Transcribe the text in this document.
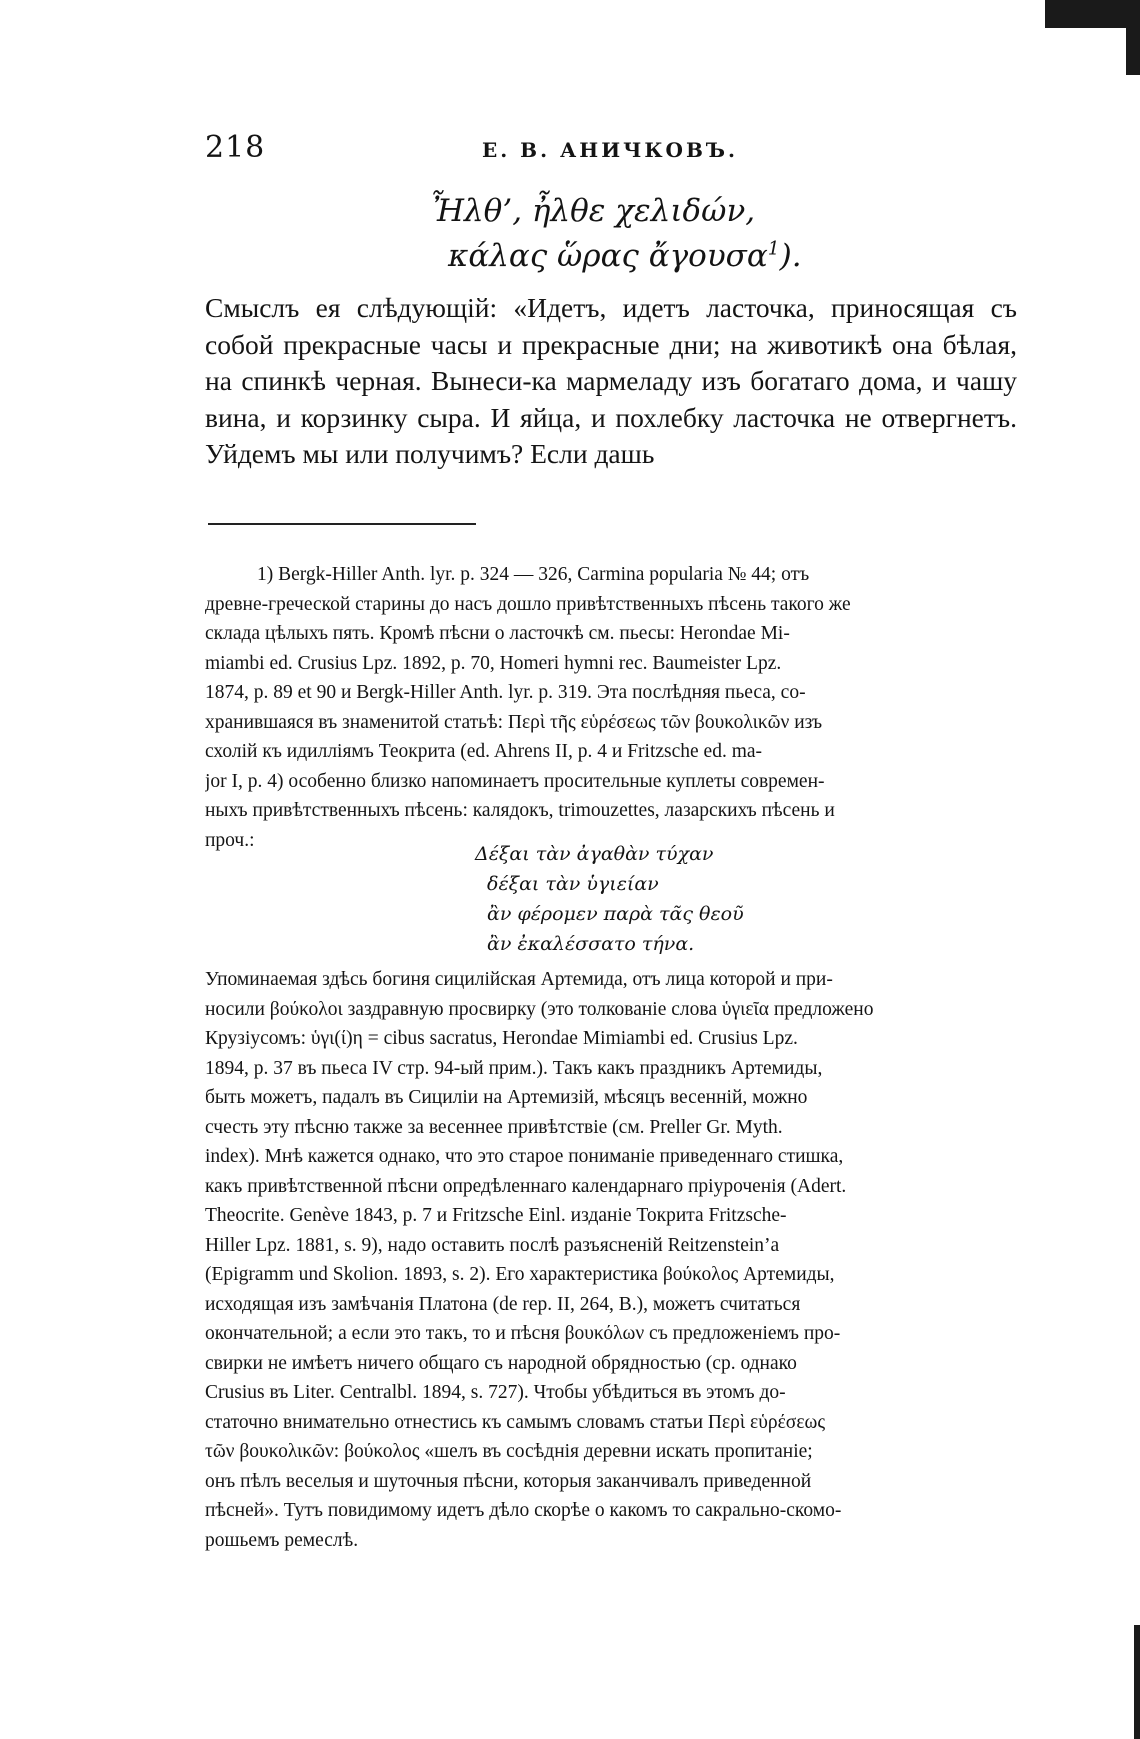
218	Е. В. АНИЧКОВЪ.
Ἦλθ’, ἦλθε χελιδών,
κάλας ὥρας ἄγουσα$^1$).
Смыслъ ея слѣдующій: «Идетъ, идетъ ласточка, приносящая съ собой прекрасные часы и прекрасные дни; на животикѣ она бѣлая, на спинкѣ черная. Вынеси-ка мармеладу изъ богатаго дома, и чашу вина, и корзинку сыра. И яйца, и похлебку ласточка не отвергнетъ. Уйдемъ мы или получимъ? Если дашь
1) Bergk-Hiller Anth. lyr. p. 324 — 326, Carmina popularia № 44; отъ
древне-греческой старины до насъ дошло привѣтственныхъ пѣсень такого же
склада цѣлыхъ пять. Кромѣ пѣсни о ласточкѣ см. пьесы: Herondae Mi-
miambi ed. Crusius Lpz. 1892, p. 70, Homeri hymni rec. Baumeister Lpz.
1874, p. 89 et 90 и Bergk-Hiller Anth. lyr. p. 319. Эта послѣдняя пьеса, со-
хранившаяся въ знаменитой статьѣ: Περὶ τῆς εὑρέσεως τῶν βουκολικῶν изъ
схолій къ идилліямъ Теокрита (ed. Ahrens II, p. 4 и Fritzsche ed. ma-
jor I, p. 4) особенно близко напоминаетъ просительные куплеты современ-
ныхъ привѣтственныхъ пѣсень: калядокъ, trimouzettes, лазарскихъ пѣсень и
проч.:
Δέξαι τὰν ἀγαθὰν τύχαν
δέξαι τὰν ὑγιείαν
ἂν φέρομεν παρὰ τᾶς θεοῦ
ἂν ἐκαλέσσατο τήνα.
Упоминаемая здѣсь богиня сицилійская Артемида, отъ лица которой и при-
носили βούκολοι заздравную просвирку (это толкованіе слова ὑγιεῖα предложено
Крузіусомъ: ὑγι(ί)η = cibus sacratus, Herondae Mimiambi ed. Crusius Lpz.
1894, p. 37 въ пьеса IV стр. 94-ый прим.). Такъ какъ праздникъ Артемиды,
быть можетъ, падалъ въ Сициліи на Артемизій, мѣсяцъ весенній, можно
счесть эту пѣсню также за весеннее привѣтствіе (см. Preller Gr. Myth.
index). Мнѣ кажется однако, что это старое пониманіе приведеннаго стишка,
какъ привѣтственной пѣсни опредѣленнаго календарнаго пріуроченія (Adert.
Theocrite. Genève 1843, p. 7 и Fritzsche Einl. изданіе Токрита Fritzsche-
Hiller Lpz. 1881, s. 9), надо оставить послѣ разъясненій Reitzenstein’a
(Epigramm und Skolion. 1893, s. 2). Его характеристика βούκολος Артемиды,
исходящая изъ замѣчанія Платона (de rep. II, 264, B.), можетъ считаться
окончательной; а если это такъ, то и пѣсня βουκόλων съ предложеніемъ про-
свирки не имѣетъ ничего общаго съ народной обрядностью (ср. однако
Crusius въ Liter. Centralbl. 1894, s. 727). Чтобы убѣдиться въ этомъ до-
статочно внимательно отнестись къ самымъ словамъ статьи Περὶ εὑρέσεως
τῶν βουκολικῶν: βούκολος «шелъ въ сосѣднія деревни искать пропитаніе;
онъ пѣлъ веселыя и шуточныя пѣсни, которыя заканчивалъ приведенной
пѣсней». Тутъ повидимому идетъ дѣло скорѣе о какомъ то сакрально-скомо-
рошьемъ ремеслѣ.
